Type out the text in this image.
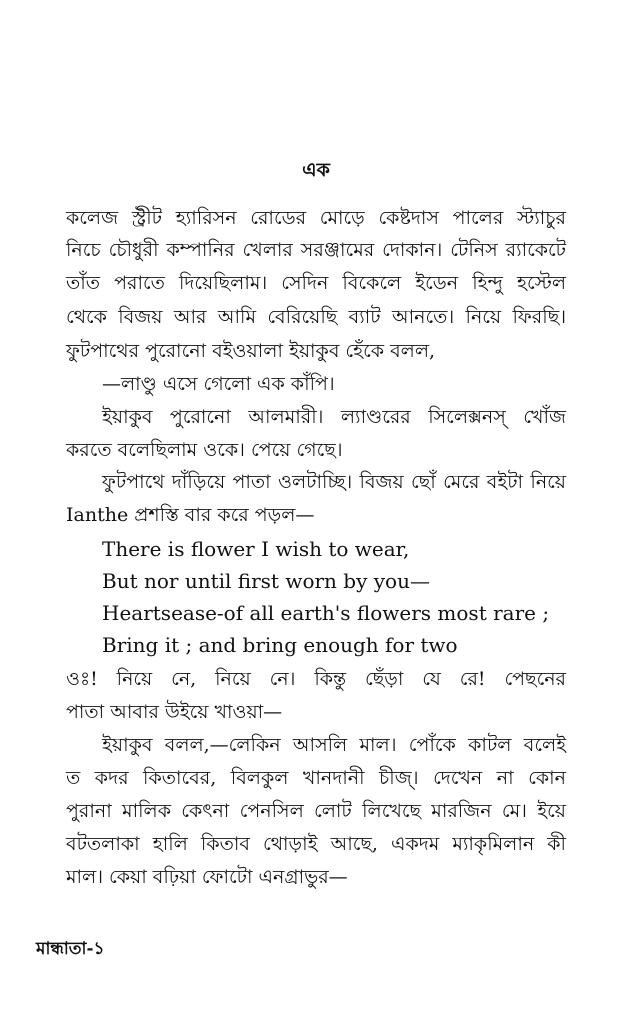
এক
কলেজ স্ট্রীট হ্যারিসন রোডের মোড়ে কেষ্টদাস পালের স্ট্যাচুর
নিচে চৌধুরী কম্পানির খেলার সরঞ্জামের দোকান। টেনিস র‍্যাকেটে
তাঁত পরাতে দিয়েছিলাম। সেদিন বিকেলে ইডেন হিন্দু হস্টেল
থেকে বিজয় আর আমি বেরিয়েছি ব্যাট আনতে। নিয়ে ফিরছি।
ফুটপাথের পুরোনো বইওয়ালা ইয়াকুব হেঁকে বলল,
—লাণ্ডু এসে গেলো এক কাঁপি।
ইয়াকুব পুরোনো আলমারী। ল্যাণ্ডরের সিলেক্সনস্ খোঁজ
করতে বলেছিলাম ওকে। পেয়ে গেছে।
ফুটপাথে দাঁড়িয়ে পাতা ওলটাচ্ছি। বিজয় ছোঁ মেরে বইটা নিয়ে
Ianthe প্রশস্তি বার করে পড়ল—
There is flower I wish to wear,
But nor until first worn by you—
Heartsease-of all earth's flowers most rare ;
Bring it ; and bring enough for two
ওঃ! নিয়ে নে, নিয়ে নে। কিন্তু ছেঁড়া যে রে! পেছনের
পাতা আবার উইয়ে খাওয়া—
ইয়াকুব বলল,—লেকিন আসলি মাল। পোঁকে কাটল বলেই
ত কদর কিতাবের, বিলকুল খানদানী চীজ্। দেখেন না কোন
পুরানা মালিক কেৎনা পেনসিল লোট লিখেছে মারজিন মে। ইয়ে
বটতলাকা হালি কিতাব থোড়াই আছে, একদম ম্যাকৃমিলান কী
মাল। কেয়া বঢ়িয়া ফোটো এনগ্রাভুর—
মান্ধাতা-১
